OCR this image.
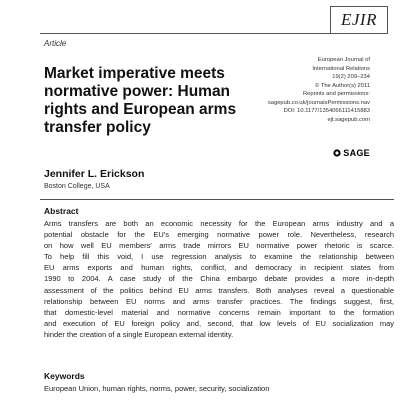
EJIR
Article
Market imperative meets
normative power: Human
rights and European arms
transfer policy
European Journal of
International Relations
19(2) 209–234
© The Author(s) 2011
Reprints and permissions:
sagepub.co.uk/journalsPermissions.nav
DOI: 10.1177/1354066111415883
ejt.sagepub.com
SAGE
Jennifer L. Erickson
Boston College, USA
Abstract
Arms transfers are both an economic necessity for the European arms industry and a
potential obstacle for the EU's emerging normative power role. Nevertheless, research
on how well EU members' arms trade mirrors EU normative power rhetoric is scarce.
To help fill this void, I use regression analysis to examine the relationship between
EU arms exports and human rights, conflict, and democracy in recipient states from
1990 to 2004. A case study of the China embargo debate provides a more in-depth
assessment of the politics behind EU arms transfers. Both analyses reveal a questionable
relationship between EU norms and arms transfer practices. The findings suggest, first,
that domestic-level material and normative concerns remain important to the formation
and execution of EU foreign policy and, second, that low levels of EU socialization may
hinder the creation of a single European external identity.
Keywords
European Union, human rights, norms, power, security, socialization
